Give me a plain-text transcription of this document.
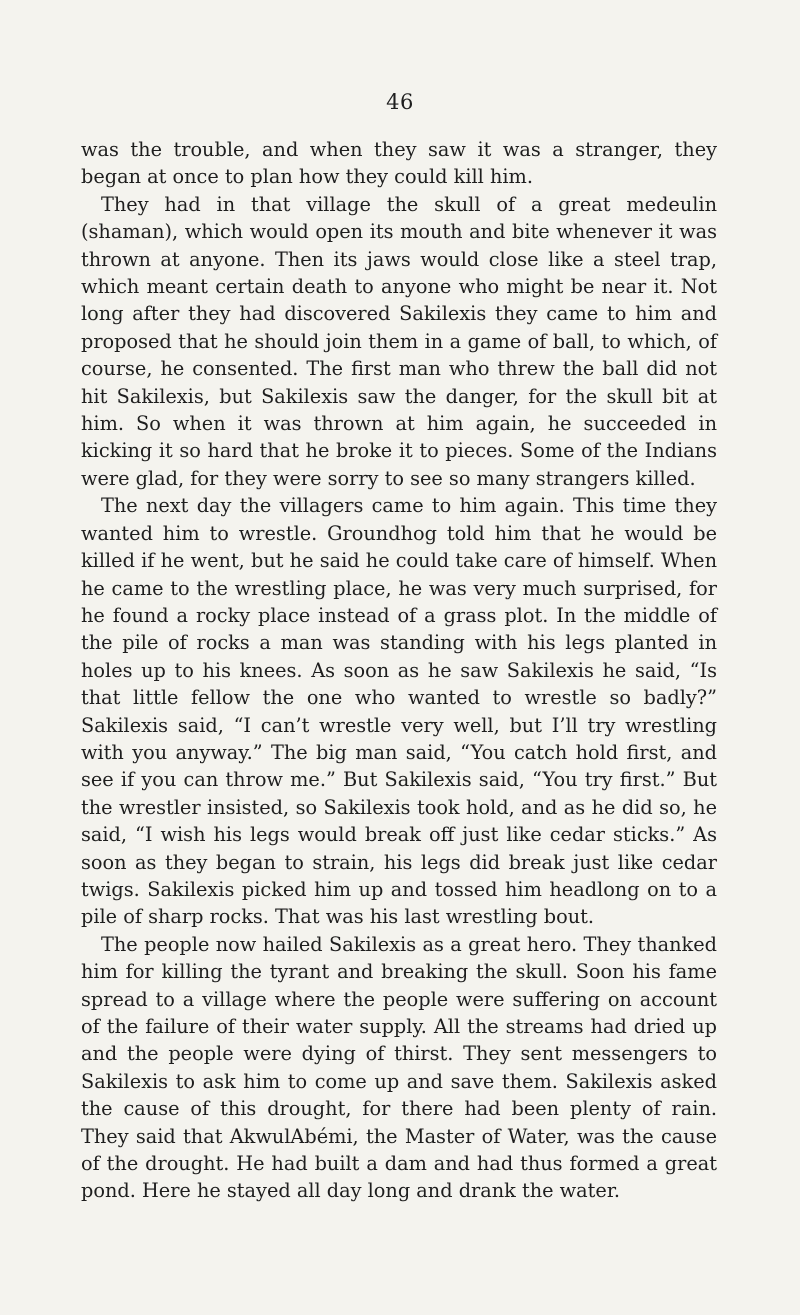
46

was the trouble, and when they saw it was a stranger, they began at once to plan how they could kill him.

They had in that village the skull of a great medeulin (shaman), which would open its mouth and bite whenever it was thrown at anyone. Then its jaws would close like a steel trap, which meant certain death to anyone who might be near it. Not long after they had discovered Sakilexis they came to him and proposed that he should join them in a game of ball, to which, of course, he consented. The first man who threw the ball did not hit Sakilexis, but Sakilexis saw the danger, for the skull bit at him. So when it was thrown at him again, he succeeded in kicking it so hard that he broke it to pieces. Some of the Indians were glad, for they were sorry to see so many strangers killed.

The next day the villagers came to him again. This time they wanted him to wrestle. Groundhog told him that he would be killed if he went, but he said he could take care of himself. When he came to the wrestling place, he was very much surprised, for he found a rocky place instead of a grass plot. In the middle of the pile of rocks a man was standing with his legs planted in holes up to his knees. As soon as he saw Sakilexis he said, “Is that little fellow the one who wanted to wrestle so badly?” Sakilexis said, “I can’t wrestle very well, but I’ll try wrestling with you anyway.” The big man said, “You catch hold first, and see if you can throw me.” But Sakilexis said, “You try first.” But the wrestler insisted, so Sakilexis took hold, and as he did so, he said, “I wish his legs would break off just like cedar sticks.” As soon as they began to strain, his legs did break just like cedar twigs. Sakilexis picked him up and tossed him headlong on to a pile of sharp rocks. That was his last wrestling bout.

The people now hailed Sakilexis as a great hero. They thanked him for killing the tyrant and breaking the skull. Soon his fame spread to a village where the people were suffering on account of the failure of their water supply. All the streams had dried up and the people were dying of thirst. They sent messengers to Sakilexis to ask him to come up and save them. Sakilexis asked the cause of this drought, for there had been plenty of rain. They said that AkwulAbémi, the Master of Water, was the cause of the drought. He had built a dam and had thus formed a great pond. Here he stayed all day long and drank the water.
